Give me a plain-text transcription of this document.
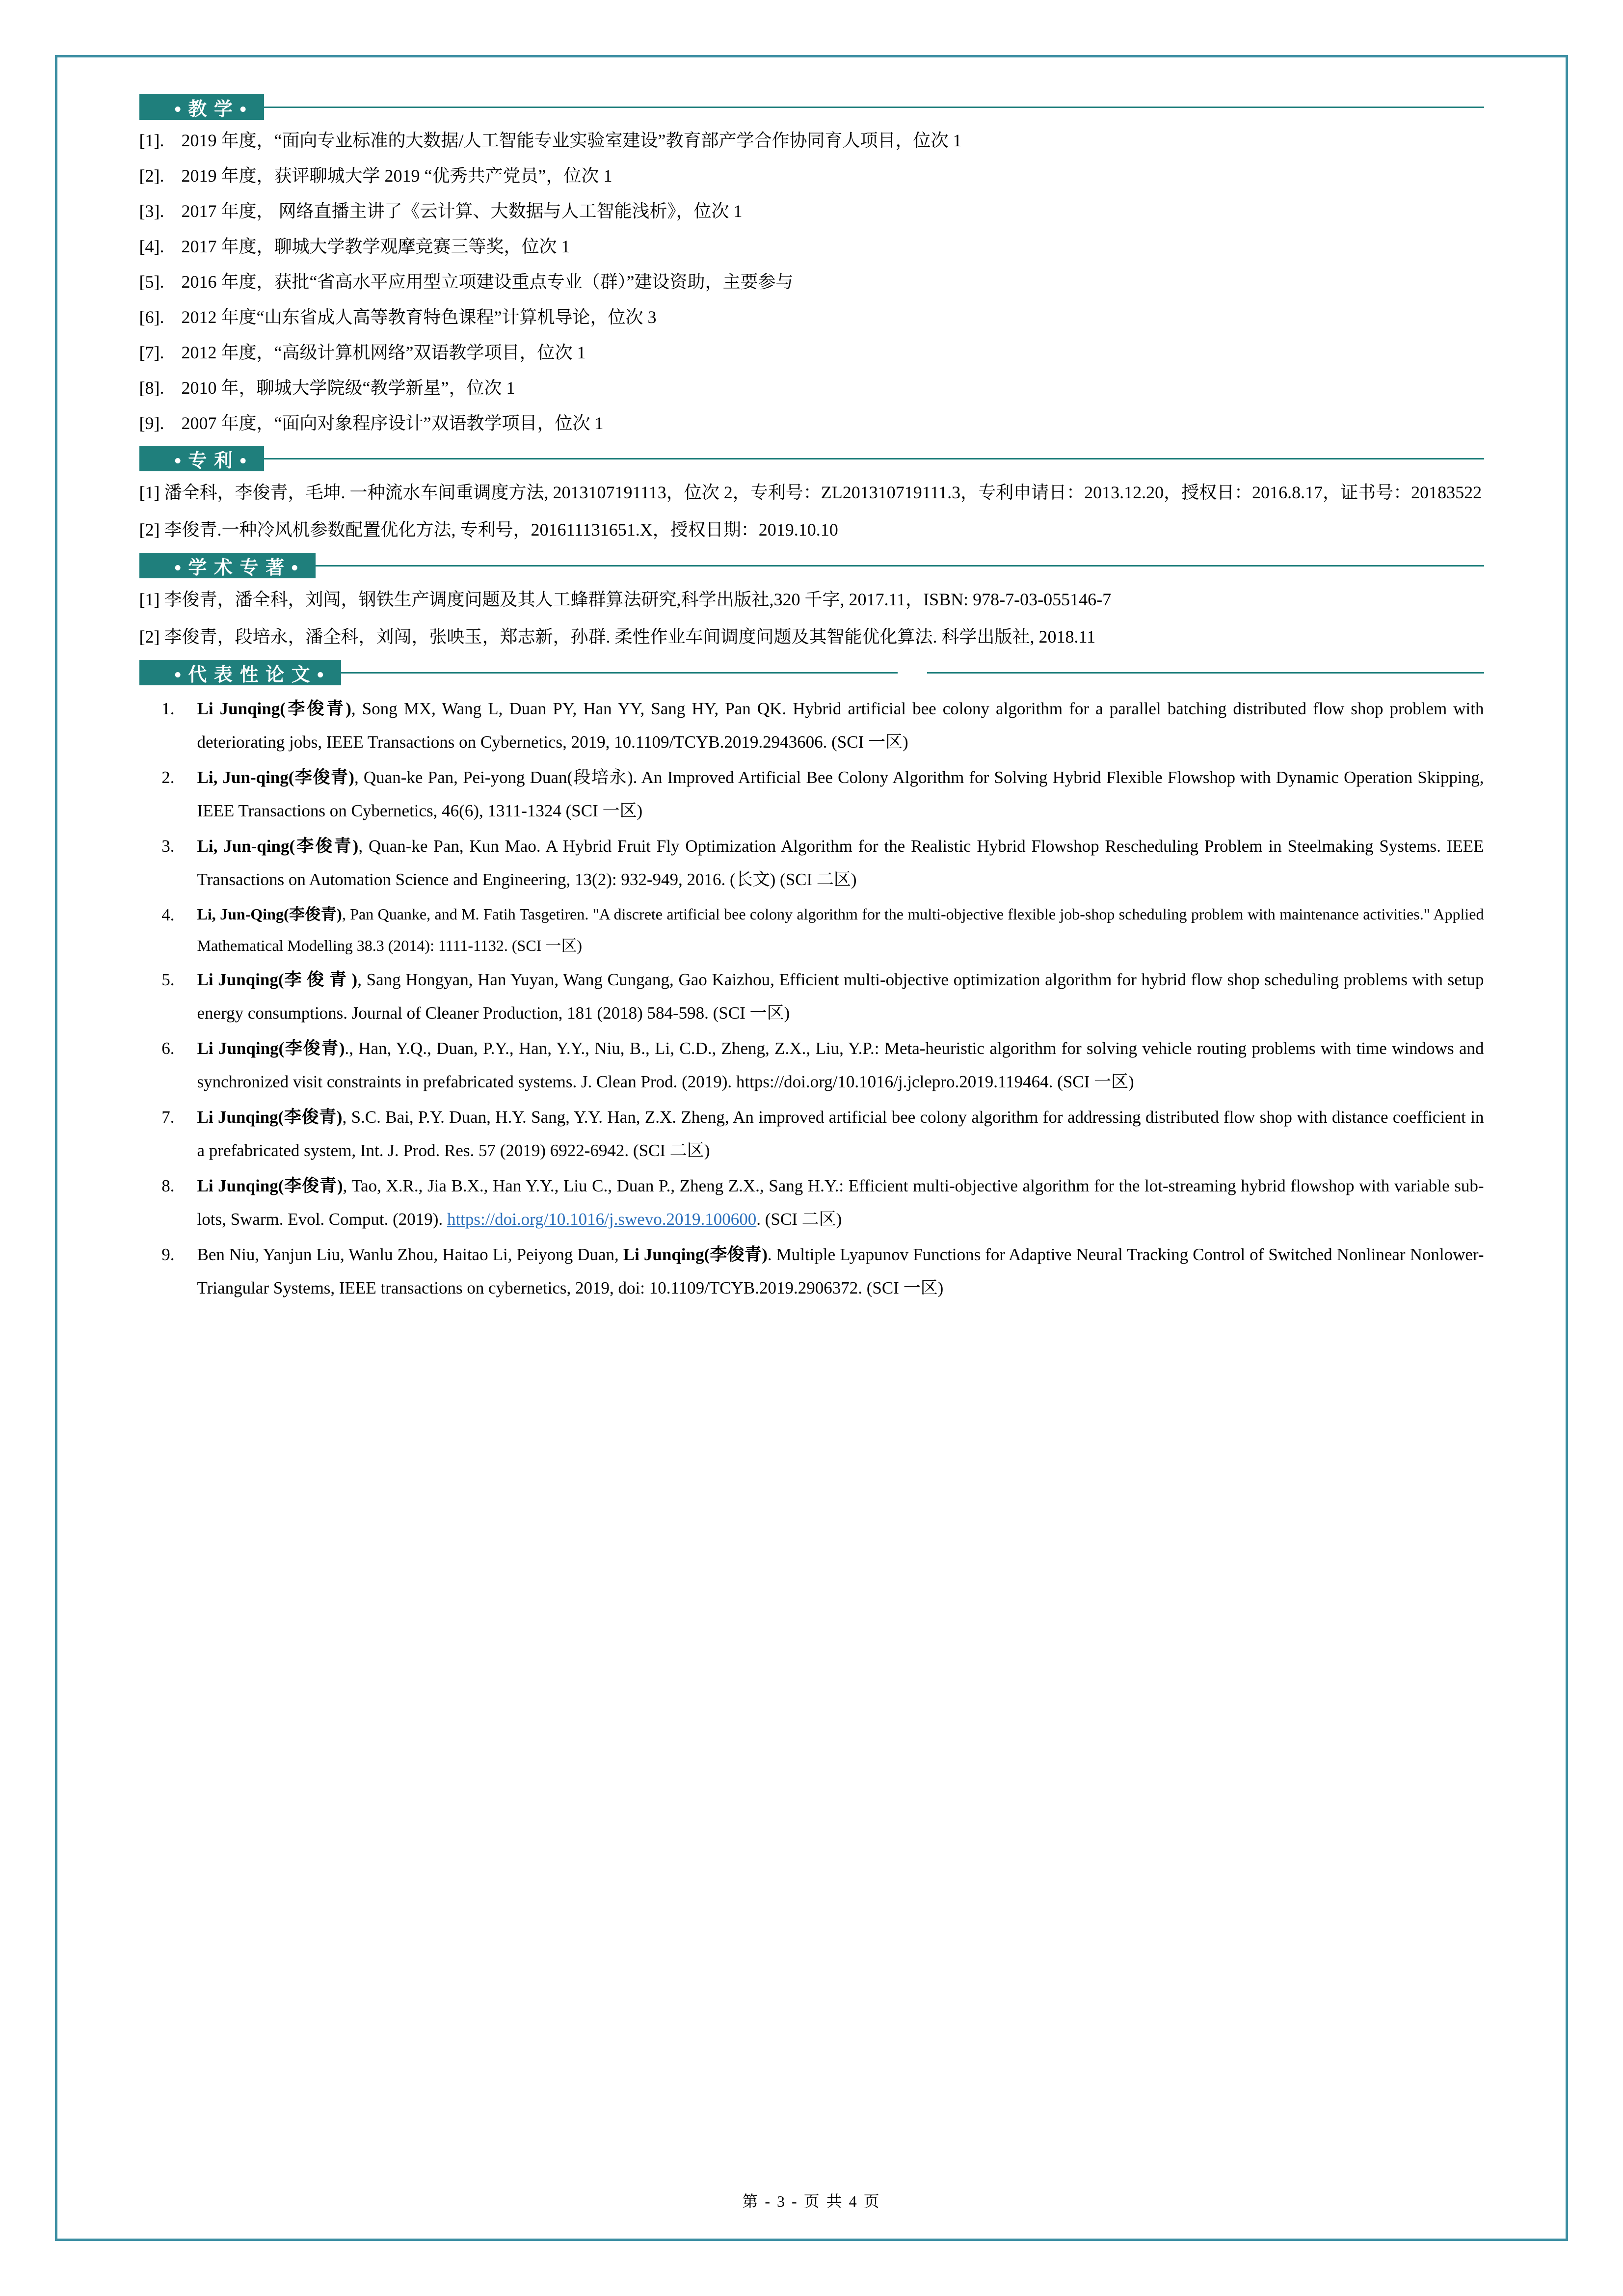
• 教 学 •
[1]. 2019 年度，“面向专业标准的大数据/人工智能专业实验室建设”教育部产学合作协同育人项目，位次 1
[2]. 2019 年度，获评聊城大学 2019 “优秀共产党员”，位次 1
[3]. 2017 年度， 网络直播主讲了《云计算、大数据与人工智能浅析》，位次 1
[4]. 2017 年度，聊城大学教学观摩竞赛三等奖，位次 1
[5]. 2016 年度，获批“省高水平应用型立项建设重点专业（群）”建设资助，主要参与
[6]. 2012 年度“山东省成人高等教育特色课程”计算机导论，位次 3
[7]. 2012 年度，“高级计算机网络”双语教学项目，位次 1
[8]. 2010 年，聊城大学院级“教学新星”，位次 1
[9]. 2007 年度，“面向对象程序设计”双语教学项目，位次 1
• 专 利 •
[1] 潘全科，李俊青，毛坤. 一种流水车间重调度方法, 2013107191113，位次 2，专利号：ZL201310719111.3，专利申请日：2013.12.20，授权日：2016.8.17，证书号：20183522
[2] 李俊青.一种冷风机参数配置优化方法, 专利号，201611131651.X，授权日期：2019.10.10
• 学 术 专 著 •
[1] 李俊青，潘全科，刘闯，钢铁生产调度问题及其人工蜂群算法研究,科学出版社,320 千字, 2017.11，ISBN: 978-7-03-055146-7
[2] 李俊青，段培永，潘全科，刘闯，张映玉，郑志新，孙群. 柔性作业车间调度问题及其智能优化算法. 科学出版社, 2018.11
• 代 表 性 论 文 •
1.	Li Junqing(李俊青), Song MX, Wang L, Duan PY, Han YY, Sang HY, Pan QK. Hybrid artificial bee colony algorithm for a parallel batching distributed flow shop problem with deteriorating jobs, IEEE Transactions on Cybernetics, 2019, 10.1109/TCYB.2019.2943606. (SCI 一区)
2.	Li, Jun-qing(李俊青), Quan-ke Pan, Pei-yong Duan(段培永). An Improved Artificial Bee Colony Algorithm for Solving Hybrid Flexible Flowshop with Dynamic Operation Skipping, IEEE Transactions on Cybernetics, 46(6), 1311-1324 (SCI 一区)
3.	Li, Jun-qing(李俊青), Quan-ke Pan, Kun Mao. A Hybrid Fruit Fly Optimization Algorithm for the Realistic Hybrid Flowshop Rescheduling Problem in Steelmaking Systems. IEEE Transactions on Automation Science and Engineering, 13(2): 932-949, 2016. (长文) (SCI 二区)
4.	Li, Jun-Qing(李俊青), Pan Quanke, and M. Fatih Tasgetiren. "A discrete artificial bee colony algorithm for the multi-objective flexible job-shop scheduling problem with maintenance activities." Applied Mathematical Modelling 38.3 (2014): 1111-1132. (SCI 一区)
5.	Li Junqing(李 俊 青 ), Sang Hongyan, Han Yuyan, Wang Cungang, Gao Kaizhou, Efficient multi-objective optimization algorithm for hybrid flow shop scheduling problems with setup energy consumptions. Journal of Cleaner Production, 181 (2018) 584-598. (SCI 一区)
6.	Li Junqing(李俊青)., Han, Y.Q., Duan, P.Y., Han, Y.Y., Niu, B., Li, C.D., Zheng, Z.X., Liu, Y.P.: Meta-heuristic algorithm for solving vehicle routing problems with time windows and synchronized visit constraints in prefabricated systems. J. Clean Prod. (2019). https://doi.org/10.1016/j.jclepro.2019.119464. (SCI 一区)
7.	Li Junqing(李俊青), S.C. Bai, P.Y. Duan, H.Y. Sang, Y.Y. Han, Z.X. Zheng, An improved artificial bee colony algorithm for addressing distributed flow shop with distance coefficient in a prefabricated system, Int. J. Prod. Res. 57 (2019) 6922-6942. (SCI 二区)
8.	Li Junqing(李俊青), Tao, X.R., Jia B.X., Han Y.Y., Liu C., Duan P., Zheng Z.X., Sang H.Y.: Efficient multi-objective algorithm for the lot-streaming hybrid flowshop with variable sub-lots, Swarm. Evol. Comput. (2019). https://doi.org/10.1016/j.swevo.2019.100600. (SCI 二区)
9.	Ben Niu, Yanjun Liu, Wanlu Zhou, Haitao Li, Peiyong Duan, Li Junqing(李俊青). Multiple Lyapunov Functions for Adaptive Neural Tracking Control of Switched Nonlinear Nonlower-Triangular Systems, IEEE transactions on cybernetics, 2019, doi: 10.1109/TCYB.2019.2906372. (SCI 一区)
第 - 3 - 页 共 4 页
